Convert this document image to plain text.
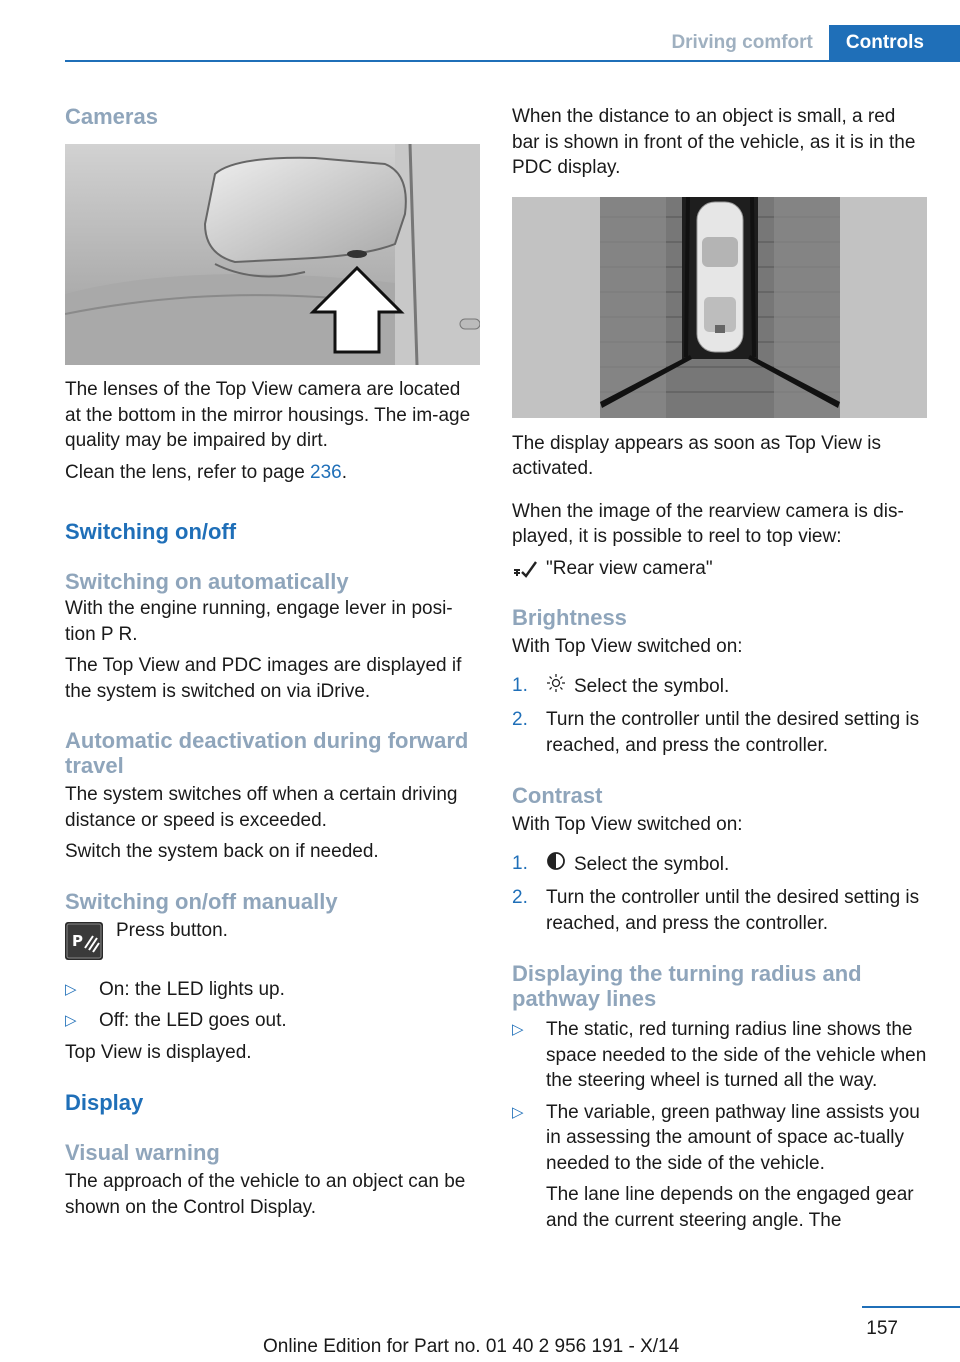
Driving comfort	Controls
Cameras

The lenses of the Top View camera are located at the bottom in the mirror housings. The im‐age quality may be impaired by dirt.

Clean the lens, refer to page 236.

Switching on/off
Switching on automatically

With the engine running, engage lever in posi‐tion P R.

The Top View and PDC images are displayed if the system is switched on via iDrive.

Automatic deactivation during forward travel

The system switches off when a certain driving distance or speed is exceeded.

Switch the system back on if needed.

Switching on/off manually
P Press button.

▷ On: the LED lights up.
▷ Off: the LED goes out.

Top View is displayed.

Display
Visual warning

The approach of the vehicle to an object can be shown on the Control Display.

When the distance to an object is small, a red bar is shown in front of the vehicle, as it is in the PDC display.

The display appears as soon as Top View is activated.

When the image of the rearview camera is dis‐played, it is possible to reel to top view:

"Rear view camera"

Brightness

With Top View switched on:

1. Select the symbol.
2. Turn the controller until the desired setting is reached, and press the controller.
Contrast

With Top View switched on:

1. Select the symbol.
2. Turn the controller until the desired setting is reached, and press the controller.
Displaying the turning radius and pathway lines
▷ The static, red turning radius line shows the space needed to the side of the vehicle when the steering wheel is turned all the way.
▷ The variable, green pathway line assists you in assessing the amount of space ac‐tually needed to the side of the vehicle.

The lane line depends on the engaged gear and the current steering angle. The

157
Online Edition for Part no. 01 40 2 956 191 - X/14
